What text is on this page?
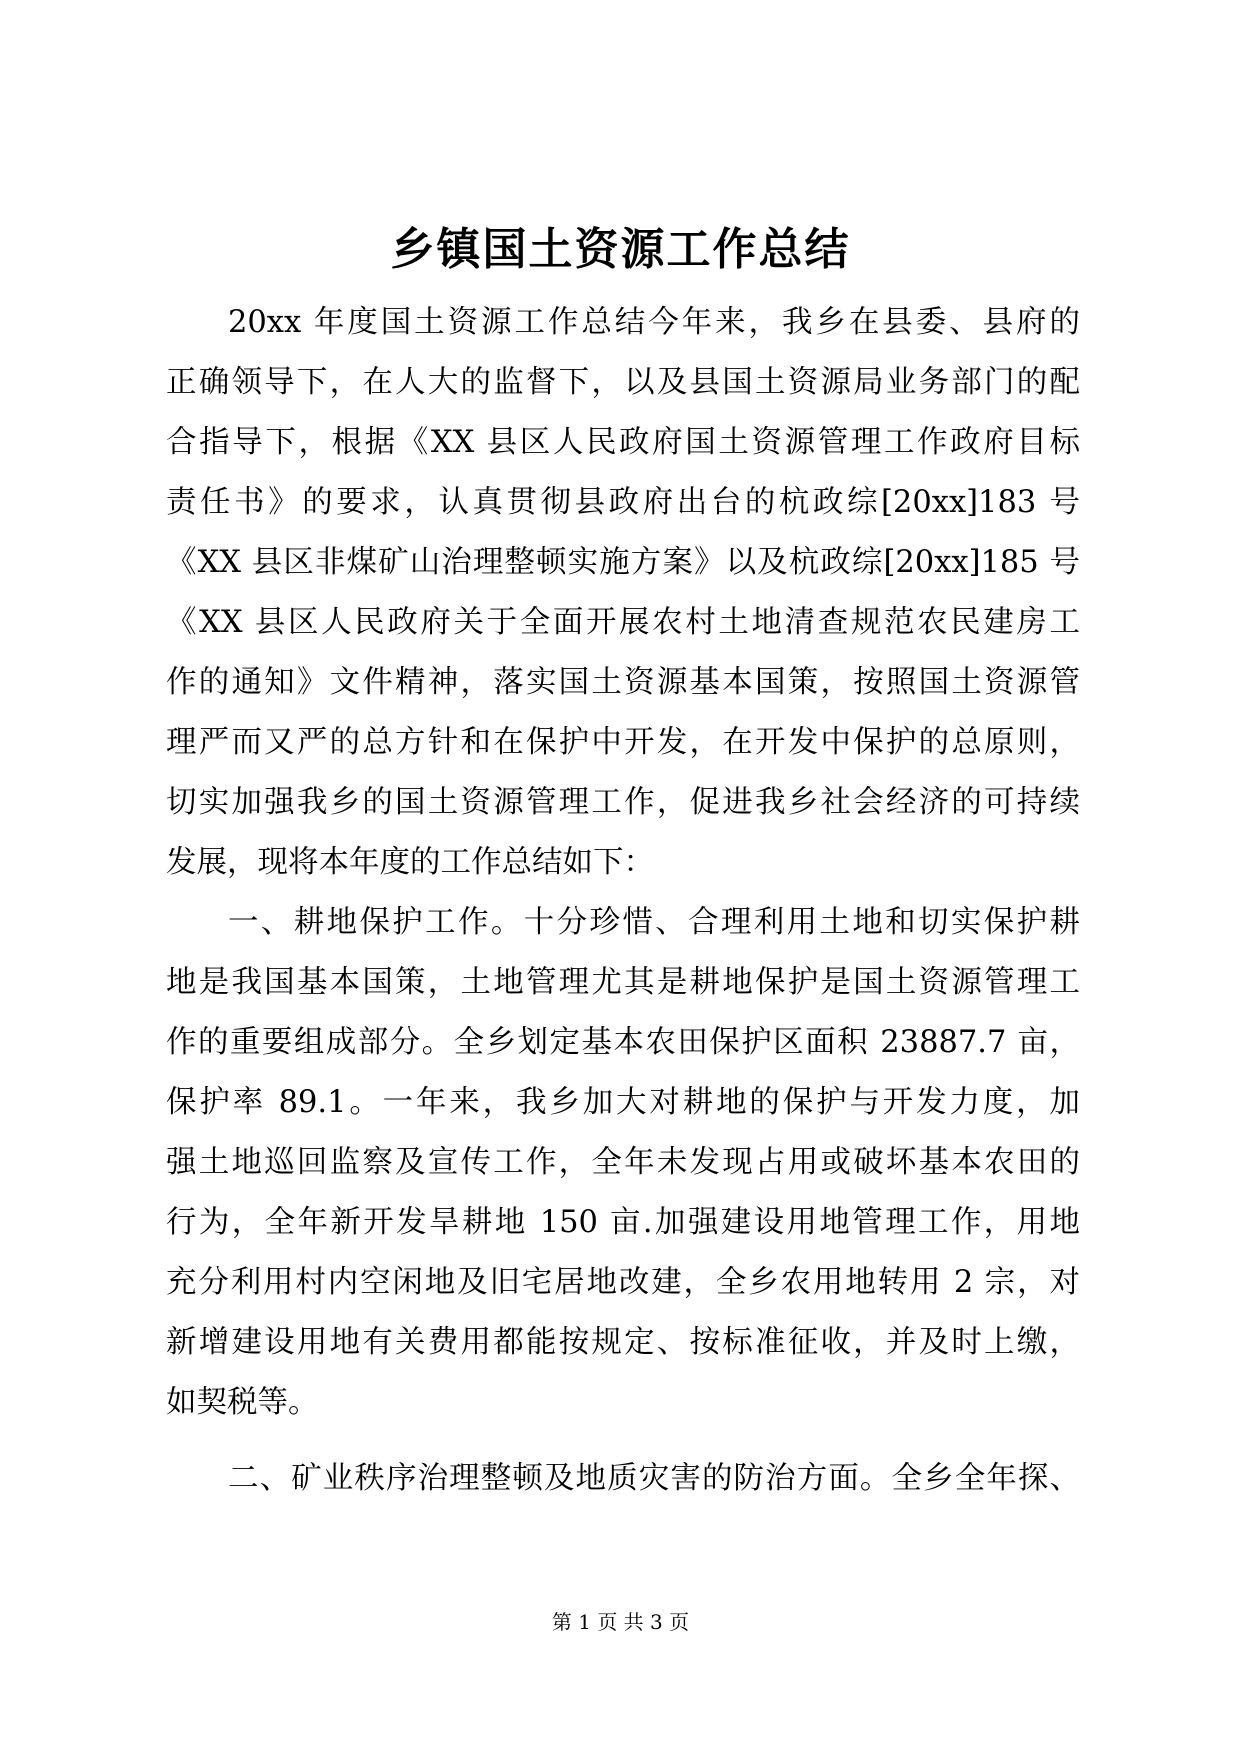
乡镇国土资源工作总结
20xx 年度国土资源工作总结今年来，我乡在县委、县府的
正确领导下，在人大的监督下，以及县国土资源局业务部门的配
合指导下，根据《XX 县区人民政府国土资源管理工作政府目标
责任书》的要求，认真贯彻县政府出台的杭政综[20xx]183 号
《XX 县区非煤矿山治理整顿实施方案》以及杭政综[20xx]185 号
《XX 县区人民政府关于全面开展农村土地清查规范农民建房工
作的通知》文件精神，落实国土资源基本国策，按照国土资源管
理严而又严的总方针和在保护中开发，在开发中保护的总原则，
切实加强我乡的国土资源管理工作，促进我乡社会经济的可持续
发展，现将本年度的工作总结如下：
一、耕地保护工作。十分珍惜、合理利用土地和切实保护耕
地是我国基本国策，土地管理尤其是耕地保护是国土资源管理工
作的重要组成部分。全乡划定基本农田保护区面积 23887.7 亩，
保护率 89.1。一年来，我乡加大对耕地的保护与开发力度，加
强土地巡回监察及宣传工作，全年未发现占用或破坏基本农田的
行为，全年新开发旱耕地 150 亩.加强建设用地管理工作，用地
充分利用村内空闲地及旧宅居地改建，全乡农用地转用 2 宗，对
新增建设用地有关费用都能按规定、按标准征收，并及时上缴，
如契税等。
二、矿业秩序治理整顿及地质灾害的防治方面。全乡全年探、
第 1 页 共 3 页
